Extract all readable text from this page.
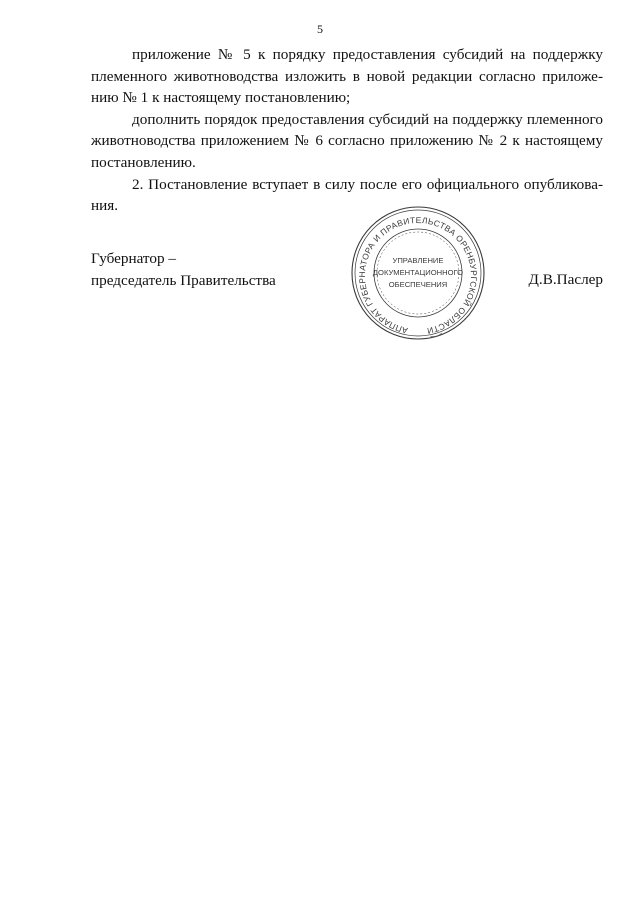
5

приложение № 5 к порядку предоставления субсидий на поддержку племенного животноводства изложить в новой редакции согласно приложению № 1 к настоящему постановлению;

дополнить порядок предоставления субсидий на поддержку племенного животноводства приложением № 6 согласно приложению № 2 к настоящему постановлению.

2. Постановление вступает в силу после его официального опубликования.

Губернатор –
председатель Правительства	Д.В.Паслер
АППАРАТ ГУБЕРНАТОРА И ПРАВИТЕЛЬСТВА ОРЕНБУРГСКОЙ ОБЛАСТИ
УПРАВЛЕНИЕ
ДОКУМЕНТАЦИОННОГО
ОБЕСПЕЧЕНИЯ
